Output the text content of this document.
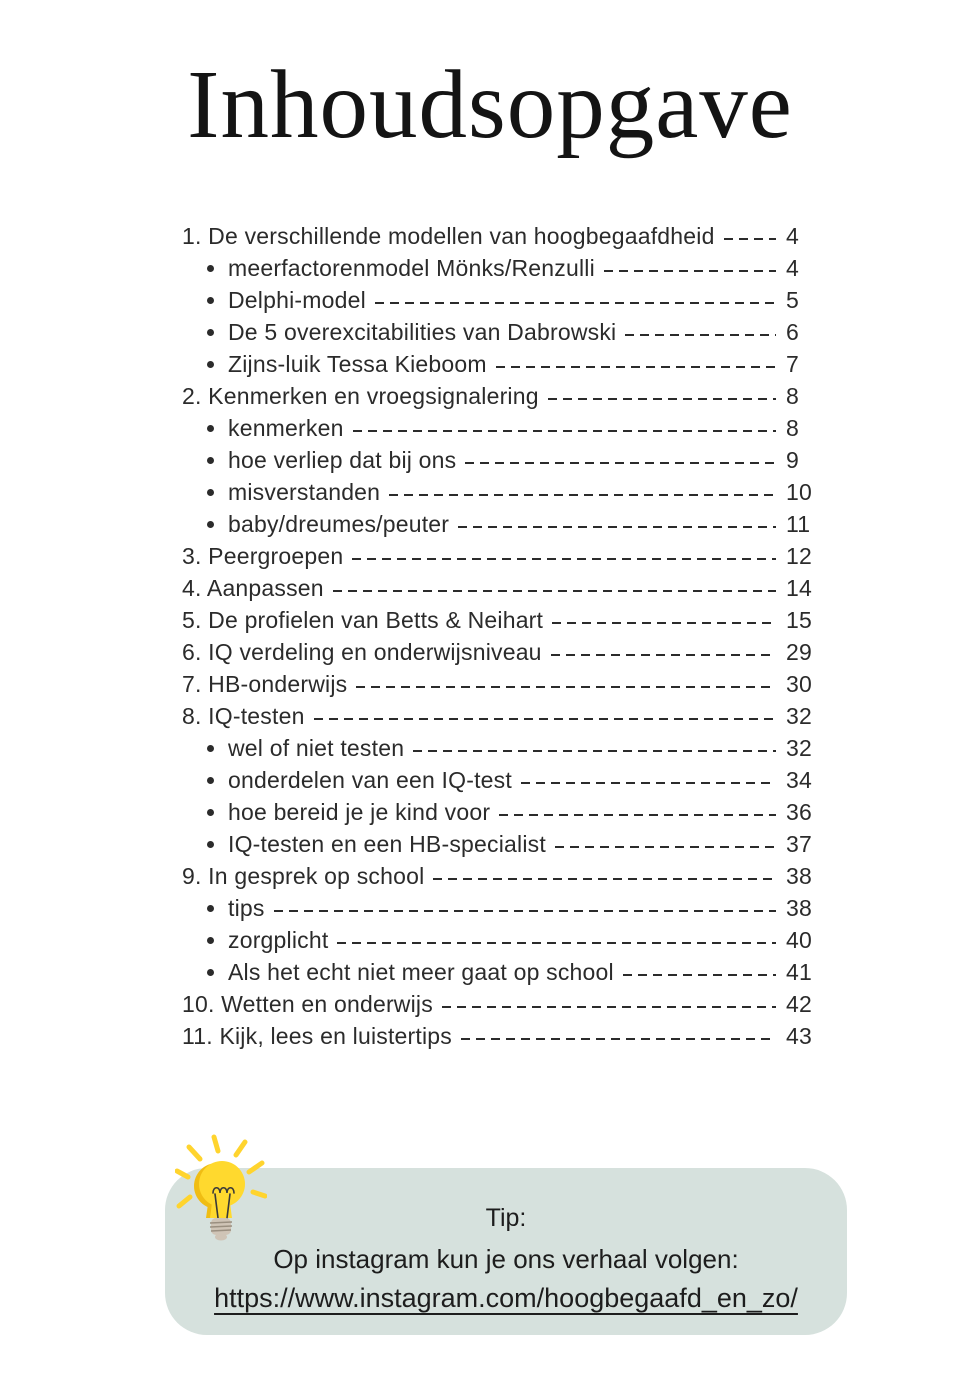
Inhoudsopgave
1. De verschillende modellen van hoogbegaafdheid	4
meerfactorenmodel Mönks/Renzulli	4
Delphi-model	5
De 5 overexcitabilities van Dabrowski	6
Zijns-luik Tessa Kieboom	7
2. Kenmerken en vroegsignalering	8
kenmerken	8
hoe verliep dat bij ons	9
misverstanden	10
baby/dreumes/peuter	11
3. Peergroepen	12
4. Aanpassen	14
5. De profielen van Betts & Neihart	15
6. IQ verdeling en onderwijsniveau	29
7. HB-onderwijs	30
8. IQ-testen	32
wel of niet testen	32
onderdelen van een IQ-test	34
hoe bereid je je kind voor	36
IQ-testen en een HB-specialist	37
9. In gesprek op school	38
tips	38
zorgplicht	40
Als het echt niet meer gaat op school	41
10. Wetten en onderwijs	42
11. Kijk, lees en luistertips	43
Tip:
Op instagram kun je ons verhaal volgen:
https://www.instagram.com/hoogbegaafd_en_zo/
